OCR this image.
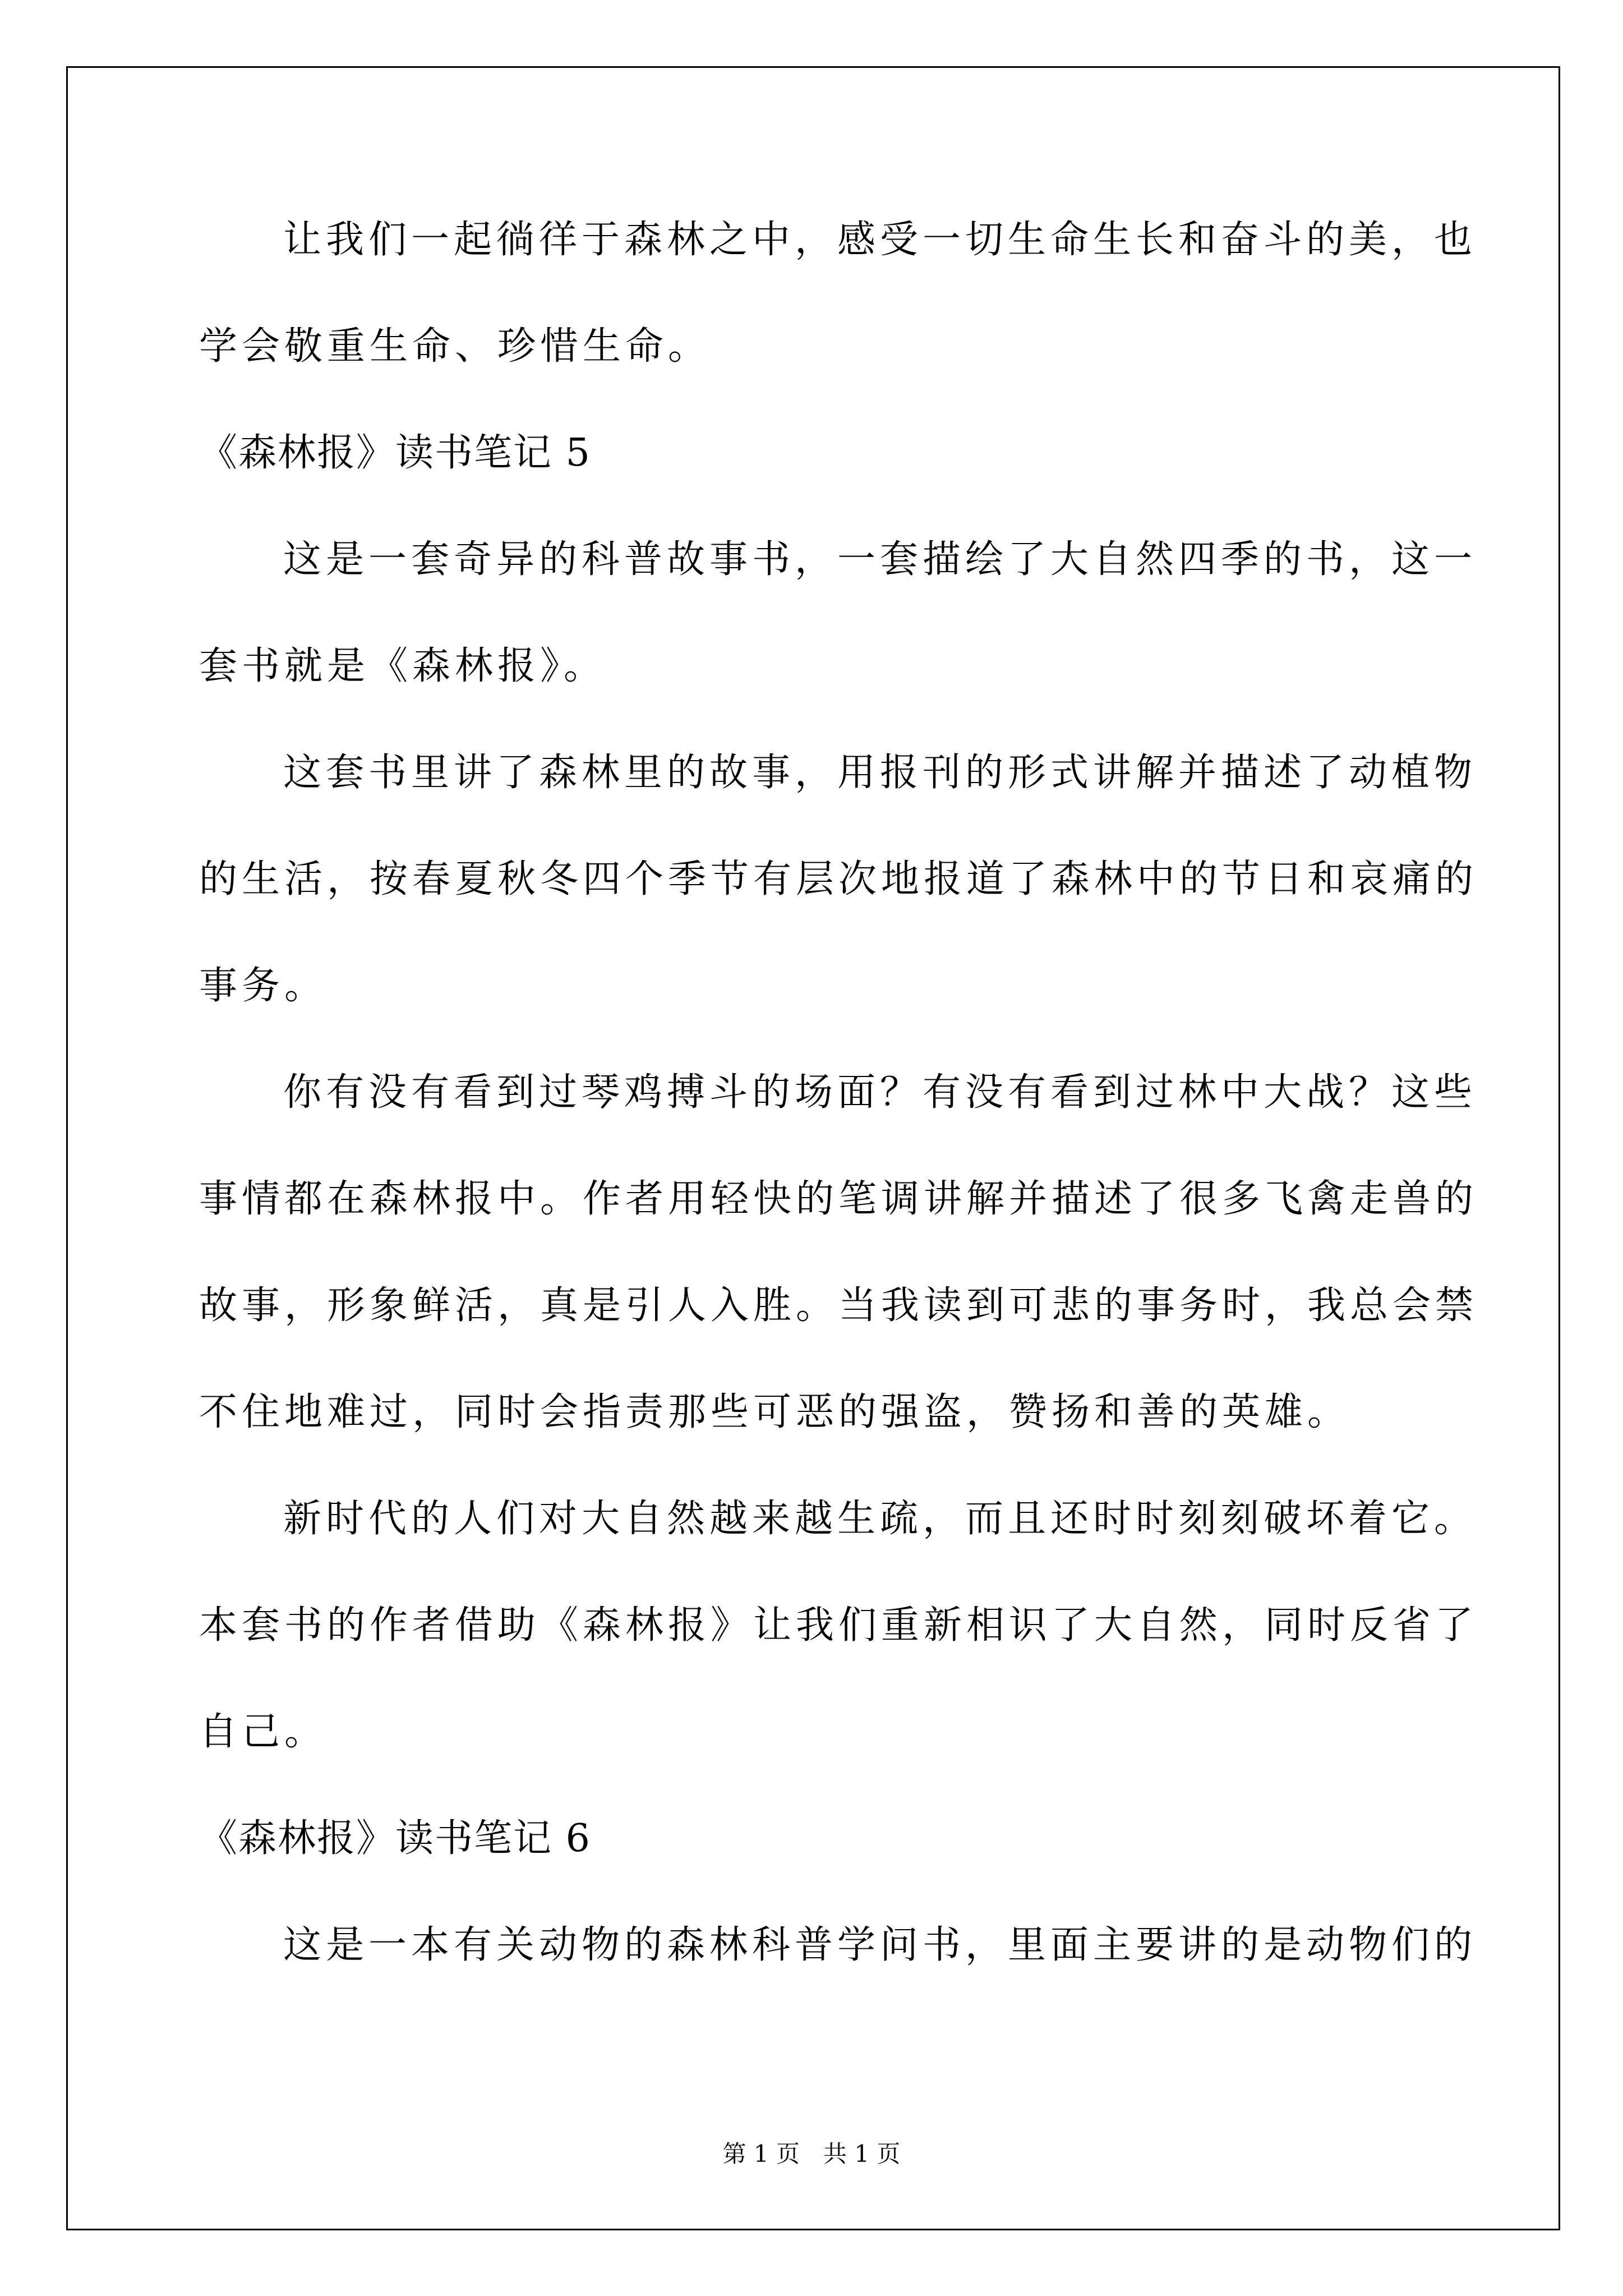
让我们一起徜徉于森林之中，感受一切生命生长和奋斗的美，也
学会敬重生命、珍惜生命。
《森林报》读书笔记 5
这是一套奇异的科普故事书，一套描绘了大自然四季的书，这一
套书就是《森林报》。
这套书里讲了森林里的故事，用报刊的形式讲解并描述了动植物
的生活，按春夏秋冬四个季节有层次地报道了森林中的节日和哀痛的
事务。
你有没有看到过琴鸡搏斗的场面？有没有看到过林中大战？这些
事情都在森林报中。作者用轻快的笔调讲解并描述了很多飞禽走兽的
故事，形象鲜活，真是引人入胜。当我读到可悲的事务时，我总会禁
不住地难过，同时会指责那些可恶的强盗，赞扬和善的英雄。
新时代的人们对大自然越来越生疏，而且还时时刻刻破坏着它。
本套书的作者借助《森林报》让我们重新相识了大自然，同时反省了
自己。
《森林报》读书笔记 6
这是一本有关动物的森林科普学问书，里面主要讲的是动物们的
第 1 页　共 1 页
